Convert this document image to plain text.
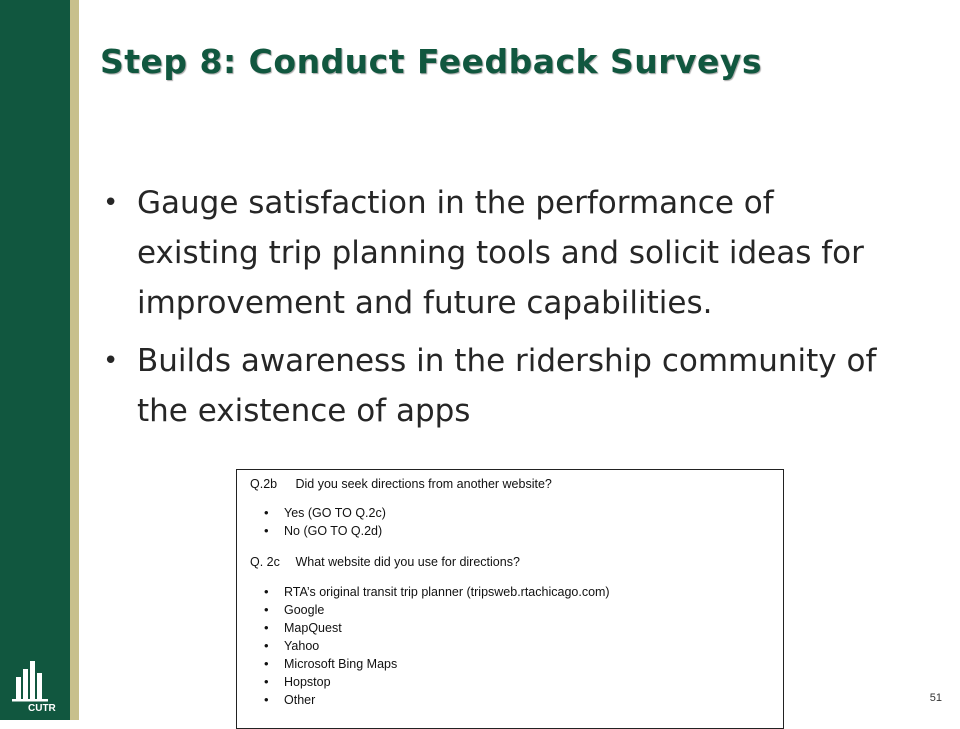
CUTR
Step 8: Conduct Feedback Surveys
• Gauge satisfaction in the performance of existing trip planning tools and solicit ideas for improvement and future capabilities.
• Builds awareness in the ridership community of the existence of apps
Q.2b Did you seek directions from another website?
• Yes (GO TO Q.2c)
• No (GO TO Q.2d)
Q. 2c What website did you use for directions?
• RTA’s original transit trip planner (tripsweb.rtachicago.com)
• Google
• MapQuest
• Yahoo
• Microsoft Bing Maps
• Hopstop
• Other	51
